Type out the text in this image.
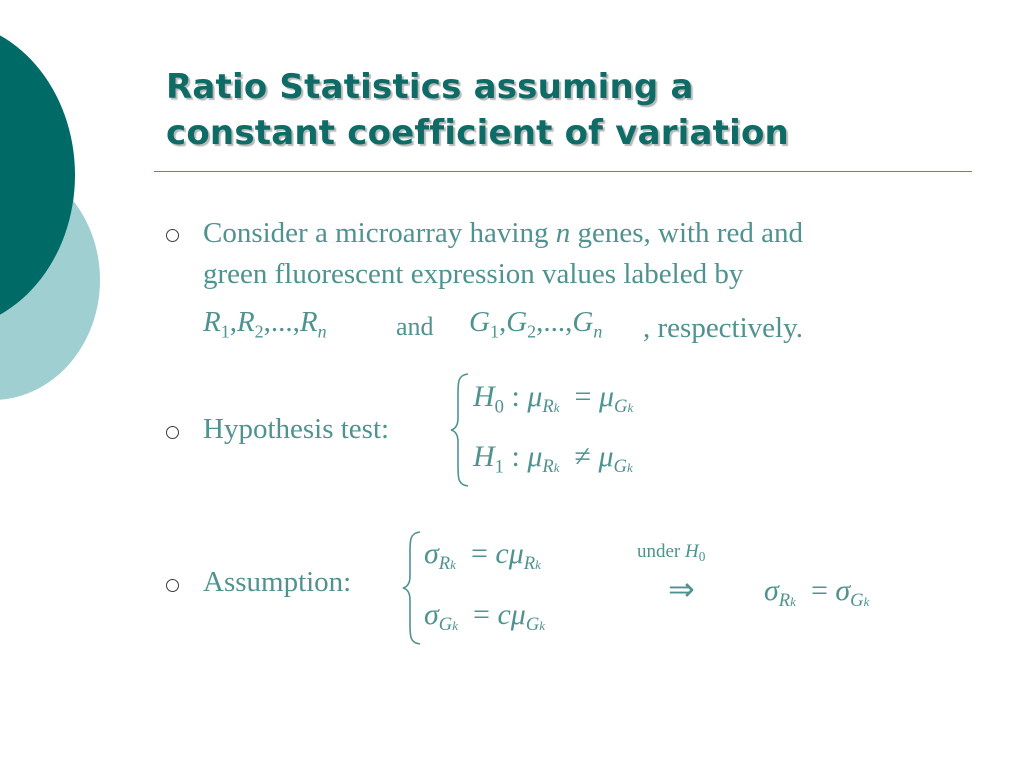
Ratio Statistics assuming a
constant coefficient of variation
Consider a microarray having n genes, with red and
green fluorescent expression values labeled by
$R_1,R_2,...,R_n$	and $G_1,G_2,...,G_n$ , respectively.
Hypothesis test:
$H_0$ : μRk  = μGk
$H_1$ : μRk  ≠ μGk
Assumption:
σRk  = cμRk
σGk  = cμGk
under $H_0$
⇒ σRk  = σGk
